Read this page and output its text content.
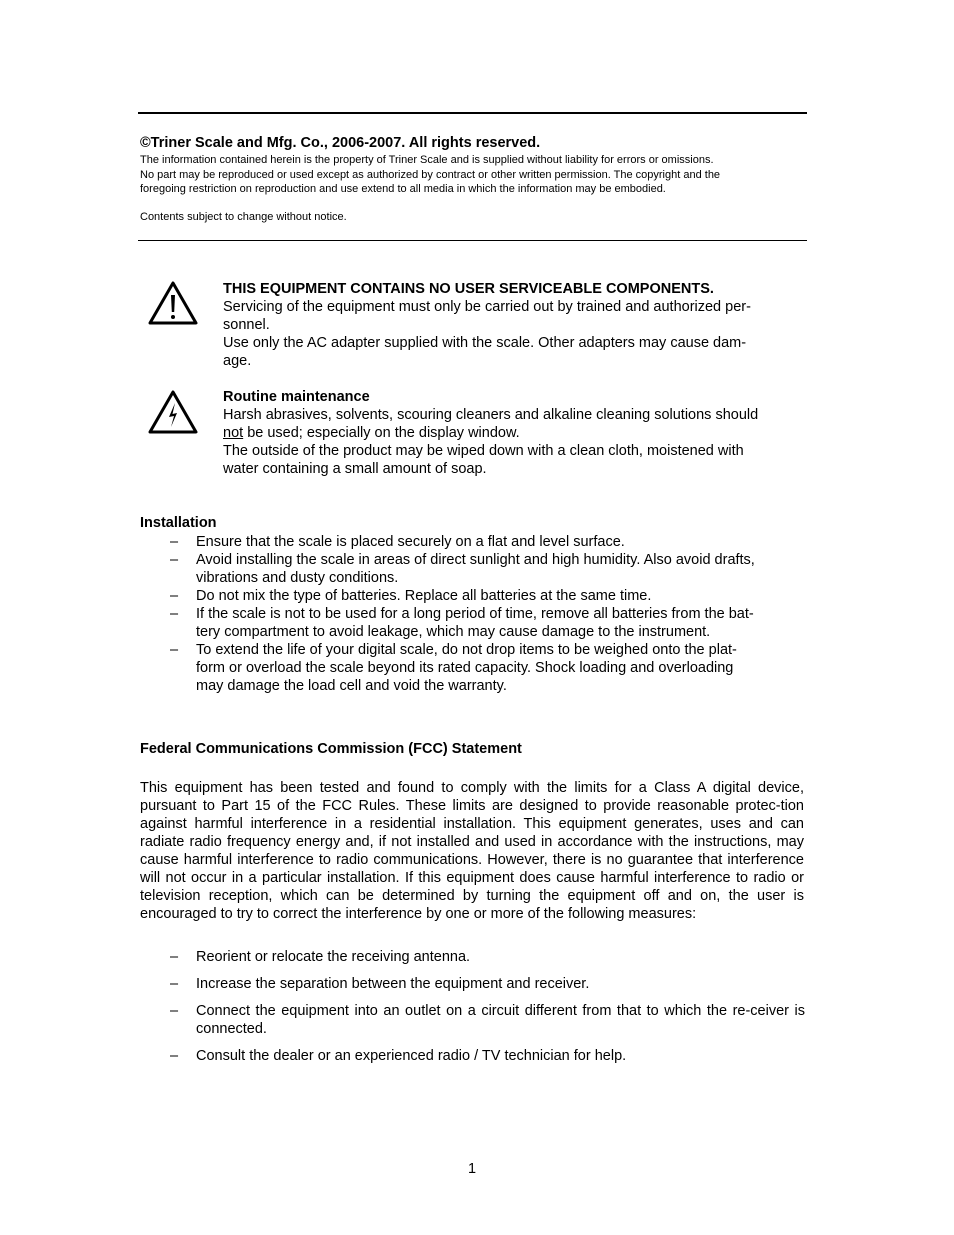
©Triner Scale and Mfg. Co., 2006-2007. All rights reserved.

The information contained herein is the property of Triner Scale and is supplied without liability for errors or omissions.

No part may be reproduced or used except as authorized by contract or other written permission. The copyright and the

foregoing restriction on reproduction and use extend to all media in which the information may be embodied.

Contents subject to change without notice.

THIS EQUIPMENT CONTAINS NO USER SERVICEABLE COMPONENTS.

Servicing of the equipment must only be carried out by trained and authorized per-

sonnel.

Use only the AC adapter supplied with the scale. Other adapters may cause dam-

age.

Routine maintenance

Harsh abrasives, solvents, scouring cleaners and alkaline cleaning solutions should

not be used; especially on the display window.

The outside of the product may be wiped down with a clean cloth, moistened with

water containing a small amount of soap.

Installation
– Ensure that the scale is placed securely on a flat and level surface.
– Avoid installing the scale in areas of direct sunlight and high humidity. Also avoid drafts,
vibrations and dusty conditions.
– Do not mix the type of batteries. Replace all batteries at the same time.
– If the scale is not to be used for a long period of time, remove all batteries from the bat-
tery compartment to avoid leakage, which may cause damage to the instrument.
– To extend the life of your digital scale, do not drop items to be weighed onto the plat-
form or overload the scale beyond its rated capacity. Shock loading and overloading
may damage the load cell and void the warranty.
Federal Communications Commission (FCC) Statement

This equipment has been tested and found to comply with the limits for a Class A digital device, pursuant to Part 15 of the FCC Rules. These limits are designed to provide reasonable protec-tion against harmful interference in a residential installation. This equipment generates, uses and can radiate radio frequency energy and, if not installed and used in accordance with the instructions, may cause harmful interference to radio communications. However, there is no guarantee that interference will not occur in a particular installation. If this equipment does cause harmful interference to radio or television reception, which can be determined by turning the equipment off and on, the user is encouraged to try to correct the interference by one or more of the following measures:

– Reorient or relocate the receiving antenna.
– Increase the separation between the equipment and receiver.
– Connect the equipment into an outlet on a circuit different from that to which the re-ceiver is connected.
– Consult the dealer or an experienced radio / TV technician for help.
1
